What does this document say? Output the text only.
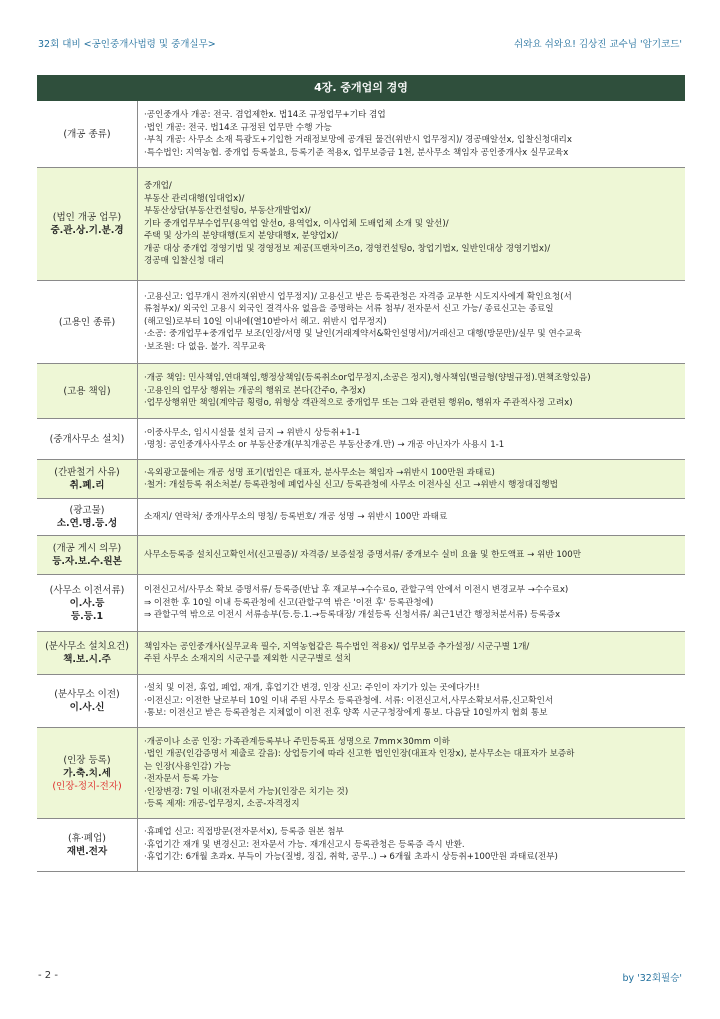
32회 대비 <공인중개사법령 및 중개실무>	쉬와요 쉬와요! 김상진 교수님 '암기코드'
4장. 중개업의 경영
(개공 종류)
·공인중개사 개공: 전국. 겸업제한x. 법14조 규정업무+기타 겸업
·법인 개공: 전국. 법14조 규정된 업무만 수행 가능
·부칙 개공: 사무소 소재 특광도+기입한 거래정보망에 공개된 물건(위반시 업무정지)/ 경공매알선x, 입찰신청대리x
·특수법인: 지역농협. 중개업 등록불요, 등록기준 적용x, 업무보증금 1천, 분사무소 책임자 공인중개사x 실무교육x
(법인 개공 업무)
중.관.상.기.분.경
중개업/
부동산 관리대행(임대업x)/
부동산상담(부동산컨설팅o, 부동산개발업x)/
기타 중개업무부수업무(용역업 알선o, 용역업x, 이사업체 도배업체 소개 및 알선)/
주택 및 상가의 분양대행(토지 분양대행x, 분양업x)/
개공 대상 중개업 경영기법 및 경영정보 제공(프랜차이즈o, 경영컨설팅o, 창업기법x, 일반인대상 경영기법x)/
경공매 입찰신청 대리
(고용인 종류)
·고용신고: 업무개시 전까지(위반시 업무정지)/ 고용신고 받은 등록관청은 자격증 교부한 시도지사에게 확인요청(서
류첨부x)/ 외국인 고용시 외국인 결격사유 없음을 증명하는 서류 첨부/ 전자문서 신고 가능/ 종료신고는 종료일
(해고일)로부터 10일 이내에(열10받아서 해고. 위반시 업무정지)
·소공: 중개업무+중개업무 보조(인장/서명 및 날인(거래계약서&확인설명서)/거래신고 대행(방문만)/실무 및 연수교육
·보조원: 다 없음. 불가. 직무교육
(고용 책임)
·개공 책임: 민사책임,연대책임,행정상책임(등록취소or업무정지,소공은 정지),형사책임(벌금형(양벌규정).면책조항있음)
·고용인의 업무상 행위는 개공의 행위로 본다(간주o, 추정x)
·업무상행위만 책임(계약금 횡령o, 위형상 객관적으로 중개업무 또는 그와 관련된 행위o, 행위자 주관적사정 고려x)
(중개사무소 설치)
·이중사무소, 임시시설물 설치 금지 → 위반시 상등취+1-1
·명칭: 공인중개사사무소 or 부동산중개(부칙개공은 부동산중개.만) → 개공 아닌자가 사용시 1-1
(간판철거 사유)
취.폐.리
·옥외광고물에는 개공 성명 표기(법인은 대표자, 분사무소는 책임자 →위반시 100만원 과태료)
·철거: 개설등록 취소처분/ 등록관청에 폐업사실 신고/ 등록관청에 사무소 이전사실 신고 →위반시 행정대집행법
(광고물)
소.연.명.등.성
소재지/ 연락처/ 중개사무소의 명칭/ 등록번호/ 개공 성명 → 위반시 100만 과태료
(개공 게시 의무)
등.자.보.수.원본
사무소등록증 설치신고확인서(신고필증)/ 자격증/ 보증설정 증명서류/ 중개보수 실비 요율 및 한도액표 → 위반 100만
(사무소 이전서류)
이.사.등
등.등.1
이전신고서/사무소 확보 증명서류/ 등록증(반납 후 재교부→수수료o, 관할구역 안에서 이전시 변경교부 →수수료x)
⇒ 이전한 후 10일 이내 등록관청에 신고(관할구역 밖은 '이전 후' 등록관청에)
⇒ 관할구역 밖으로 이전시 서류송부(등.등.1.→등록대장/ 개설등록 신청서류/ 최근1년간 행정처분서류) 등록증x
(분사무소 설치요건)
책.보.시.주
책임자는 공인중개사(실무교육 필수, 지역농협같은 특수법인 적용x)/ 업무보증 추가설정/ 시군구별 1개/
주된 사무소 소재지의 시군구를 제외한 시군구별로 설치
(분사무소 이전)
이.사.신
·설치 및 이전, 휴업, 폐업, 재개, 휴업기간 변경, 인장 신고: 주인이 자기가 있는 곳에다가!!
·이전신고: 이전한 날로부터 10일 이내 주된 사무소 등록관청에. 서류: 이전신고서,사무소확보서류,신고확인서
·통보: 이전신고 받은 등록관청은 지체없이 이전 전후 양쪽 시군구청장에게 통보. 다음달 10일까지 협회 통보
(인장 등록)
가.축.치.세
(인장-정지-전자)
·개공이나 소공 인장: 가족관계등록부나 주민등록표 성명으로 7mm×30mm 이하
·법인 개공(인감증명서 제출로 갈음): 상업등기에 따라 신고한 법인인장(대표자 인장x), 분사무소는 대표자가 보증하
는 인장(사용인감) 가능
·전자문서 등록 가능
·인장변경: 7일 이내(전자문서 가능)(인장은 치기는 것)
·등록 제재: 개공-업무정지, 소공-자격정지
(휴·폐업)
재변.전자
·휴폐업 신고: 직접방문(전자문서x), 등록증 원본 첨부
·휴업기간 재개 및 변경신고: 전자문서 가능. 재개신고시 등록관청은 등록증 즉시 반환.
·휴업기간: 6개월 초과x. 부득이 가능(질병, 징집, 취학, 공무..) → 6개월 초과시 상등취+100만원 과태료(전부)
- 2 -	by '32회필승'
